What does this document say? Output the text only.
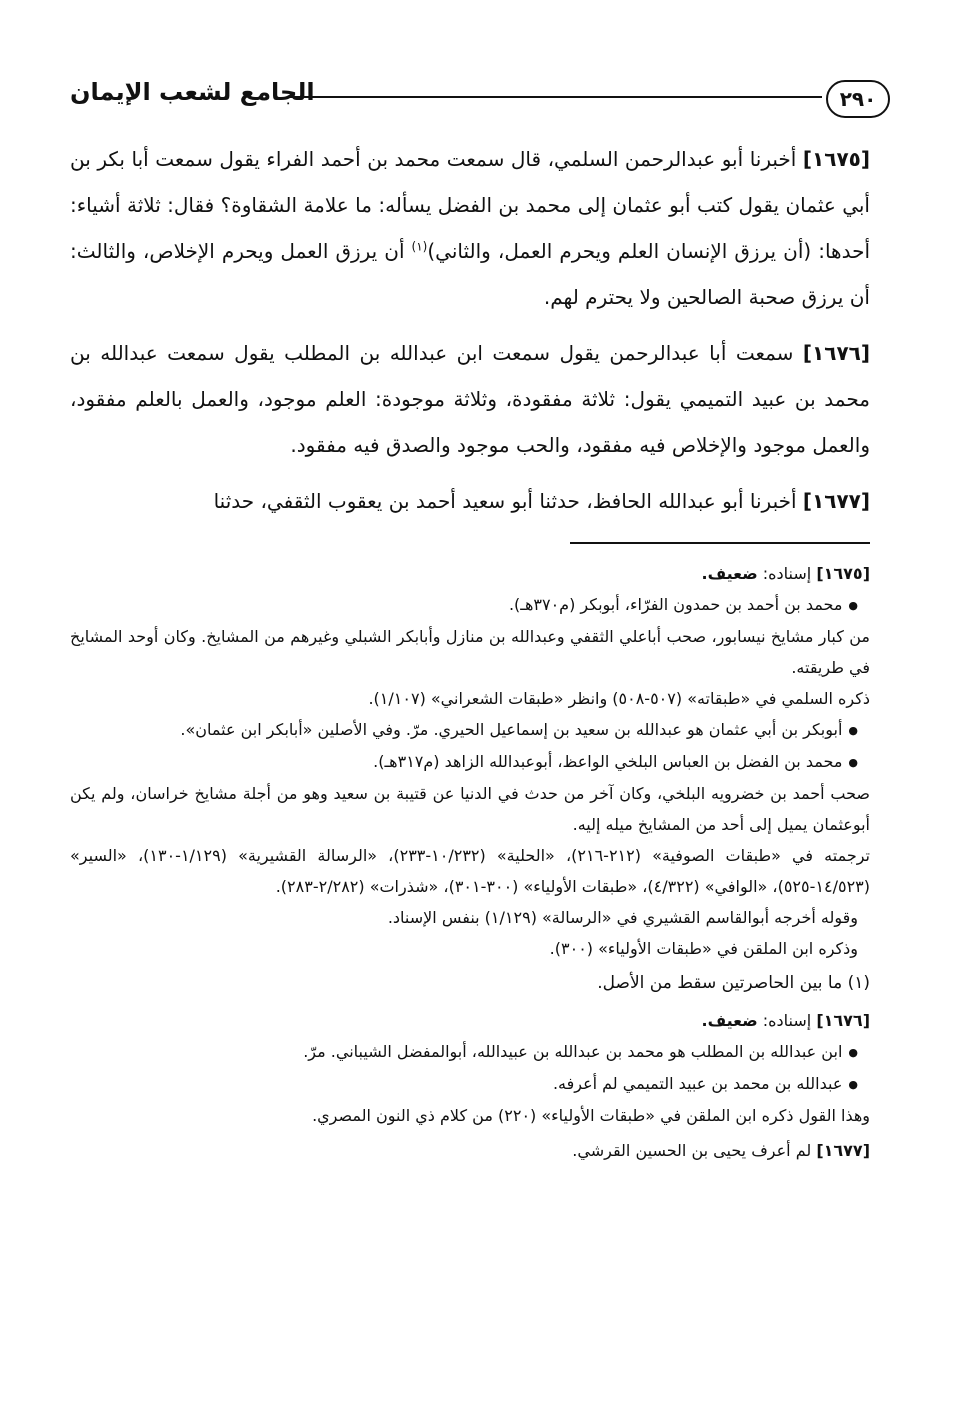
٢٩٠
الجامع لشعب الإيمان

[١٦٧٥] أخبرنا أبو عبدالرحمن السلمي، قال سمعت محمد بن أحمد الفراء يقول سمعت أبا بكر بن أبي عثمان يقول كتب أبو عثمان إلى محمد بن الفضل يسأله: ما علامة الشقاوة؟ فقال: ثلاثة أشياء: أحدها: (أن يرزق الإنسان العلم ويحرم العمل، والثاني)$^{(١)}$ أن يرزق العمل ويحرم الإخلاص، والثالث: أن يرزق صحبة الصالحين ولا يحترم لهم.

[١٦٧٦] سمعت أبا عبدالرحمن يقول سمعت ابن عبدالله بن المطلب يقول سمعت عبدالله بن محمد بن عبيد التميمي يقول: ثلاثة مفقودة، وثلاثة موجودة: العلم موجود، والعمل بالعلم مفقود، والعمل موجود والإخلاص فيه مفقود، والحب موجود والصدق فيه مفقود.

[١٦٧٧] أخبرنا أبو عبدالله الحافظ، حدثنا أبو سعيد أحمد بن يعقوب الثقفي، حدثنا

[١٦٧٥] إسناده: ضعيف.

● محمد بن أحمد بن حمدون الفرّاء، أبوبكر (م٣٧٠هـ).

من كبار مشايخ نيسابور، صحب أباعلي الثقفي وعبدالله بن منازل وأبابكر الشبلي وغيرهم من المشايخ. وكان أوحد المشايخ في طريقته.

ذكره السلمي في «طبقاته» (٥٠٧-٥٠٨) وانظر «طبقات الشعراني» (١/١٠٧).

● أبوبكر بن أبي عثمان هو عبدالله بن سعيد بن إسماعيل الحيري. مرّ. وفي الأصلين «أبابكر ابن عثمان».

● محمد بن الفضل بن العباس البلخي الواعظ، أبوعبدالله الزاهد (م٣١٧هـ).

صحب أحمد بن خضرويه البلخي، وكان آخر من حدث في الدنيا عن قتيبة بن سعيد وهو من أجلة مشايخ خراسان، ولم يكن أبوعثمان يميل إلى أحد من المشايخ ميله إليه.

ترجمته في «طبقات الصوفية» (٢١٢-٢١٦)، «الحلية» (١٠/٢٣٢-٢٣٣)، «الرسالة القشيرية» (١/١٢٩-١٣٠)، «السير» (١٤/٥٢٣-٥٢٥)، «الوافي» (٤/٣٢٢)، «طبقات الأولياء» (٣٠٠-٣٠١)، «شذرات» (٢/٢٨٢-٢٨٣).

وقوله أخرجه أبوالقاسم القشيري في «الرسالة» (١/١٢٩) بنفس الإسناد.

وذكره ابن الملقن في «طبقات الأولياء» (٣٠٠).

(١) ما بين الحاصرتين سقط من الأصل.

[١٦٧٦] إسناده: ضعيف.

● ابن عبدالله بن المطلب هو محمد بن عبدالله بن عبيدالله، أبوالمفضل الشيباني. مرّ.

● عبدالله بن محمد بن عبيد التميمي لم أعرفه.

وهذا القول ذكره ابن الملقن في «طبقات الأولياء» (٢٢٠) من كلام ذي النون المصري.

[١٦٧٧] لم أعرف يحيى بن الحسين القرشي.
